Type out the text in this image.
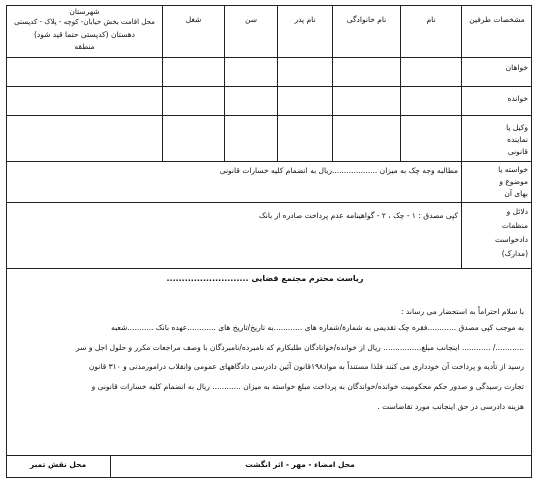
مشخصات طرفین
نام
نام خانوادگی
نام پدر
سن
شغل
شهرستان
محل اقامت بخش خیابان- کوچه - پلاک - کدپستی
دهستان (کدپستی حتما قید شود)
منطقه
خواهان
خوانده
وکیل یا
نماینده
قانونی
خواسته یا
موضوع و
بهای آن
مطالبه وجه چک به میزان ...................ریال به انضمام کلیه خسارات قانونی
دلائل و
منظمات
دادخواست
(مدارک)
کپی مصدق : ۱ - چک ، ۲ - گواهینامه عدم پرداخت صادره از بانک
ریاست محترم مجتمع قضایی ...........................
با سلام احتراماً به استحضار می رساند :
به موجب کپی مصدق ............فقره چک تقدیمی به شمارة/شماره های ............به تاریخ/تاریخ های ............عهده بانک ...........شعبه
............/ ............ اینجانب مبلغ................ ریال از خوانده/خوانادگان طلبکارم که نامبرده/نامبردگان با وصف مراجعات مکرر و حلول اجل و سر
رسید از تأدیه و پرداخت آن خودداری می کنند فلذا مستنداً به مواد۱۹۸قانون آئین دادرسی دادگاههای عمومی وانقلاب درامورمدنی و ۳۱۰ قانون
تجارت رسیدگی و صدور حکم محکومیت خوانده/خواندگان به پرداخت مبلغ خواسته به میزان ............ ریال به انضمام کلیه خسارات قانونی و
هزینه دادرسی در حق اینجانب مورد تقاضاست .
محل امضاء - مهر - اثر انگشت
محل نقش تمبر
